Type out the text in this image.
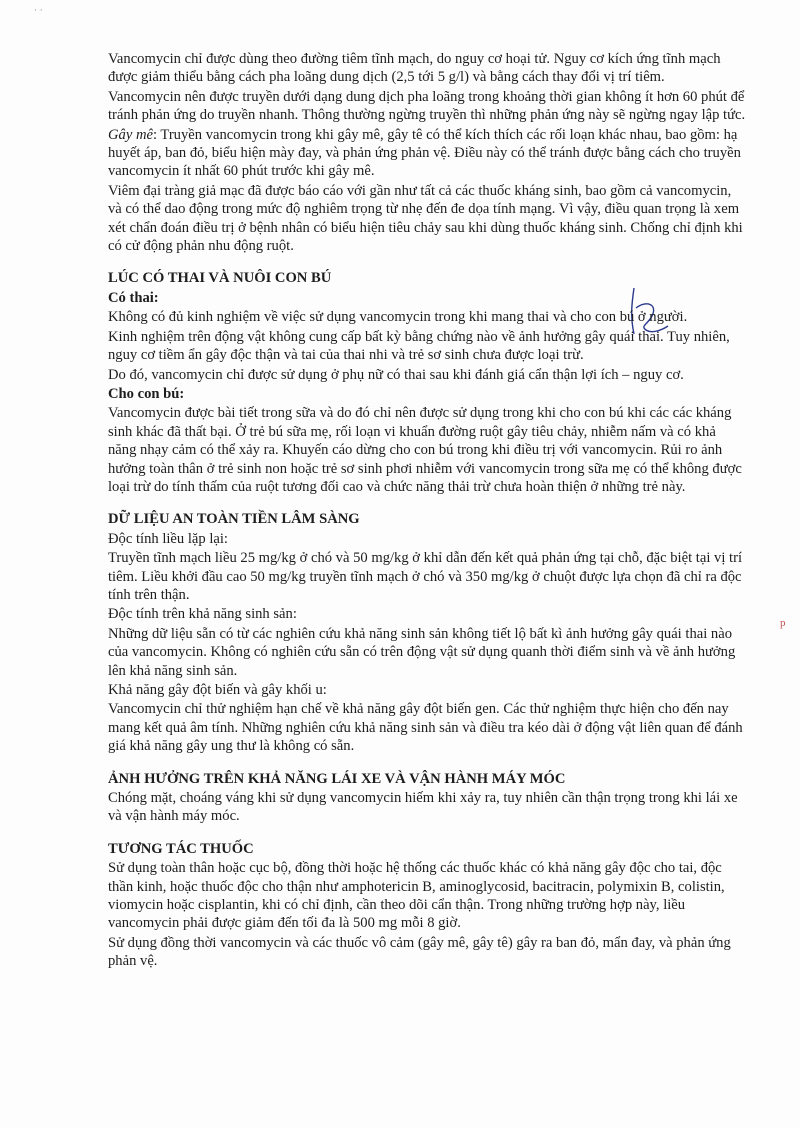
· ·
p

Vancomycin chỉ được dùng theo đường tiêm tĩnh mạch, do nguy cơ hoại tử. Nguy cơ kích ứng tĩnh mạch được giảm thiểu bằng cách pha loãng dung dịch (2,5 tới 5 g/l) và bằng cách thay đổi vị trí tiêm.

Vancomycin nên được truyền dưới dạng dung dịch pha loãng trong khoảng thời gian không ít hơn 60 phút để tránh phản ứng do truyền nhanh. Thông thường ngừng truyền thì những phản ứng này sẽ ngừng ngay lập tức.

Gây mê: Truyền vancomycin trong khi gây mê, gây tê có thể kích thích các rối loạn khác nhau, bao gồm: hạ huyết áp, ban đỏ, biểu hiện mày đay, và phản ứng phản vệ. Điều này có thể tránh được bằng cách cho truyền vancomycin ít nhất 60 phút trước khi gây mê.

Viêm đại tràng giả mạc đã được báo cáo với gần như tất cả các thuốc kháng sinh, bao gồm cả vancomycin, và có thể dao động trong mức độ nghiêm trọng từ nhẹ đến đe dọa tính mạng. Vì vậy, điều quan trọng là xem xét chẩn đoán điều trị ở bệnh nhân có biểu hiện tiêu chảy sau khi dùng thuốc kháng sinh. Chống chỉ định khi có cử động phản nhu động ruột.

LÚC CÓ THAI VÀ NUÔI CON BÚ

Có thai:

Không có đủ kinh nghiệm về việc sử dụng vancomycin trong khi mang thai và cho con bú ở người.

Kinh nghiệm trên động vật không cung cấp bất kỳ bằng chứng nào về ảnh hưởng gây quái thai. Tuy nhiên, nguy cơ tiềm ẩn gây độc thận và tai của thai nhi và trẻ sơ sinh chưa được loại trừ.

Do đó, vancomycin chỉ được sử dụng ở phụ nữ có thai sau khi đánh giá cẩn thận lợi ích – nguy cơ.

Cho con bú:

Vancomycin được bài tiết trong sữa và do đó chỉ nên được sử dụng trong khi cho con bú khi các các kháng sinh khác đã thất bại. Ở trẻ bú sữa mẹ, rối loạn vi khuẩn đường ruột gây tiêu chảy, nhiễm nấm và có khả năng nhạy cảm có thể xảy ra. Khuyến cáo dừng cho con bú trong khi điều trị với vancomycin. Rủi ro ảnh hưởng toàn thân ở trẻ sinh non hoặc trẻ sơ sinh phơi nhiễm với vancomycin trong sữa mẹ có thể không được loại trừ do tính thấm của ruột tương đối cao và chức năng thải trừ chưa hoàn thiện ở những trẻ này.

DỮ LIỆU AN TOÀN TIỀN LÂM SÀNG

Độc tính liều lặp lại:

Truyền tĩnh mạch liều 25 mg/kg ở chó và 50 mg/kg ở khỉ dẫn đến kết quả phản ứng tại chỗ, đặc biệt tại vị trí tiêm. Liều khởi đầu cao 50 mg/kg truyền tĩnh mạch ở chó và 350 mg/kg ở chuột được lựa chọn đã chỉ ra độc tính trên thận.

Độc tính trên khả năng sinh sản:

Những dữ liệu sẵn có từ các nghiên cứu khả năng sinh sản không tiết lộ bất kì ảnh hưởng gây quái thai nào của vancomycin. Không có nghiên cứu sẵn có trên động vật sử dụng quanh thời điểm sinh và về ảnh hưởng lên khả năng sinh sản.

Khả năng gây đột biến và gây khối u:

Vancomycin chỉ thử nghiệm hạn chế về khả năng gây đột biến gen. Các thử nghiệm thực hiện cho đến nay mang kết quả âm tính. Những nghiên cứu khả năng sinh sản và điều tra kéo dài ở động vật liên quan để đánh giá khả năng gây ung thư là không có sẵn.

ẢNH HƯỞNG TRÊN KHẢ NĂNG LÁI XE VÀ VẬN HÀNH MÁY MÓC

Chóng mặt, choáng váng khi sử dụng vancomycin hiếm khi xảy ra, tuy nhiên cần thận trọng trong khi lái xe và vận hành máy móc.

TƯƠNG TÁC THUỐC

Sử dụng toàn thân hoặc cục bộ, đồng thời hoặc hệ thống các thuốc khác có khả năng gây độc cho tai, độc thần kinh, hoặc thuốc độc cho thận như amphotericin B, aminoglycosid, bacitracin, polymixin B, colistin, viomycin hoặc cisplantin, khi có chỉ định, cần theo dõi cẩn thận. Trong những trường hợp này, liều vancomycin phải được giảm đến tối đa là 500 mg mỗi 8 giờ.

Sử dụng đồng thời vancomycin và các thuốc vô cảm (gây mê, gây tê) gây ra ban đỏ, mẩn đay, và phản ứng phản vệ.
